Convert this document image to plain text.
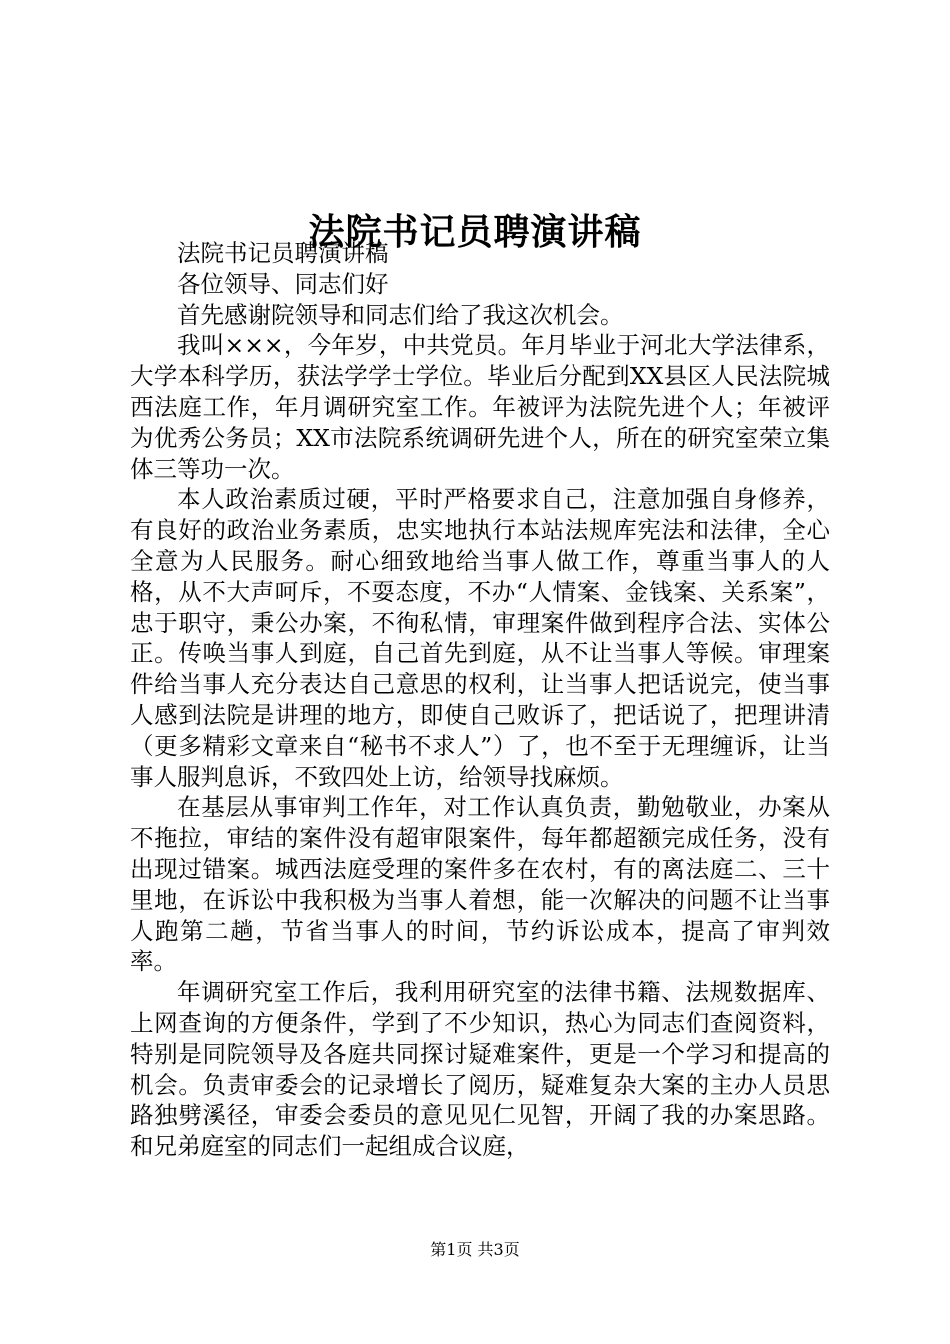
法院书记员聘演讲稿

法院书记员聘演讲稿

各位领导、同志们好

首先感谢院领导和同志们给了我这次机会。

我叫×××，今年岁，中共党员。年月毕业于河北大学法律系，大学本科学历，获法学学士学位。毕业后分配到XX县区人民法院城西法庭工作，年月调研究室工作。年被评为法院先进个人；年被评为优秀公务员；XX市法院系统调研先进个人，所在的研究室荣立集体三等功一次。

本人政治素质过硬，平时严格要求自己，注意加强自身修养，有良好的政治业务素质，忠实地执行本站法规库宪法和法律，全心全意为人民服务。耐心细致地给当事人做工作，尊重当事人的人格，从不大声呵斥，不耍态度，不办“人情案、金钱案、关系案”，忠于职守，秉公办案，不徇私情，审理案件做到程序合法、实体公正。传唤当事人到庭，自己首先到庭，从不让当事人等候。审理案件给当事人充分表达自己意思的权利，让当事人把话说完，使当事人感到法院是讲理的地方，即使自己败诉了，把话说了，把理讲清（更多精彩文章来自“秘书不求人”）了，也不至于无理缠诉，让当事人服判息诉，不致四处上访，给领导找麻烦。

在基层从事审判工作年，对工作认真负责，勤勉敬业，办案从不拖拉，审结的案件没有超审限案件，每年都超额完成任务，没有出现过错案。城西法庭受理的案件多在农村，有的离法庭二、三十里地，在诉讼中我积极为当事人着想，能一次解决的问题不让当事人跑第二趟，节省当事人的时间，节约诉讼成本，提高了审判效率。

年调研究室工作后，我利用研究室的法律书籍、法规数据库、上网查询的方便条件，学到了不少知识，热心为同志们查阅资料，特别是同院领导及各庭共同探讨疑难案件，更是一个学习和提高的机会。负责审委会的记录增长了阅历，疑难复杂大案的主办人员思路独劈溪径，审委会委员的意见见仁见智，开阔了我的办案思路。和兄弟庭室的同志们一起组成合议庭，

第1页 共3页
